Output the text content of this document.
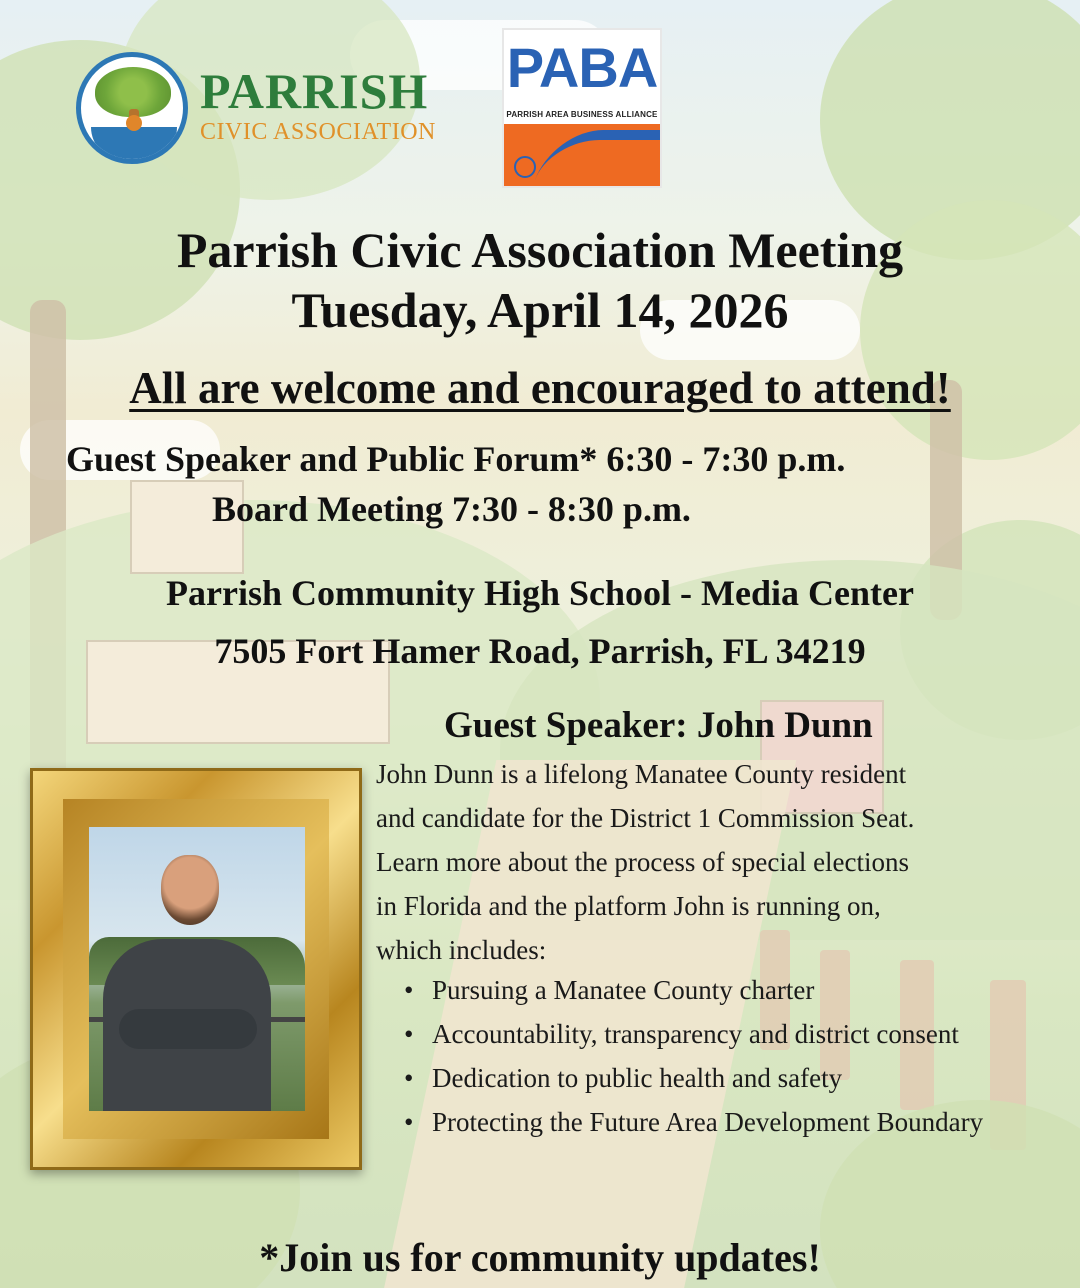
PARRISH
CIVIC ASSOCIATION
PABA
PARRISH AREA BUSINESS ALLIANCE
Parrish Civic Association Meeting
Tuesday, April 14, 2026
All are welcome and encouraged to attend!
Guest Speaker and Public Forum* 6:30 - 7:30 p.m.
Board Meeting 7:30 - 8:30 p.m.
Parrish Community High School - Media Center
7505 Fort Hamer Road, Parrish, FL 34219
Guest Speaker: John Dunn

John Dunn is a lifelong Manatee County resident

and candidate for the District 1 Commission Seat.

Learn more about the process of special elections

in Florida and the platform John is running on,

which includes:

• Pursuing a Manatee County charter
• Accountability, transparency and district consent
• Dedication to public health and safety
• Protecting the Future Area Development Boundary
*Join us for community updates!
